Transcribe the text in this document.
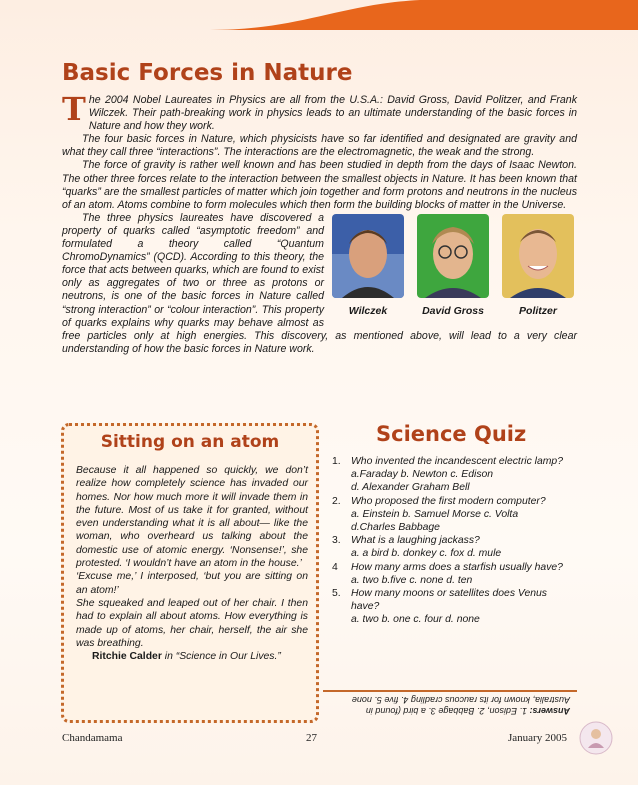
Basic Forces in Nature

The 2004 Nobel Laureates in Physics are all from the U.S.A.: David Gross, David Politzer, and Frank Wilczek. Their path-breaking work in physics leads to an ultimate understanding of the basic forces in Nature and how they work.

The four basic forces in Nature, which physicists have so far identified and designated are gravity and what they call three “interactions”. The interactions are the electromagnetic, the weak and the strong.

The force of gravity is rather well known and has been studied in depth from the days of Isaac Newton. The other three forces relate to the interaction between the smallest objects in Nature. It has been known that “quarks” are the smallest particles of matter which join together and form protons and neutrons in the nucleus of an atom. Atoms combine to form molecules which then form the building blocks of matter in the Universe.

Wilczek	David Gross	Politzer

The three physics laureates have discovered a property of quarks called “asymptotic freedom” and formulated a theory called “Quantum ChromoDynamics” (QCD). According to this theory, the force that acts between quarks, which are found to exist only as aggregates of two or three as protons or neutrons, is one of the basic forces in Nature called “strong interaction” or “colour interaction”. This property of quarks explains why quarks may behave almost as free particles only at high energies. This discovery, as mentioned above, will lead to a very clear understanding of how the basic forces in Nature work.

Sitting on an atom

Because it all happened so quickly, we don’t realize how completely science has invaded our homes. Nor how much more it will invade them in the future. Most of us take it for granted, without even understanding what it is all about— like the woman, who overheard us talking about the domestic use of atomic energy. ‘Nonsense!’, she protested. ‘I wouldn’t have an atom in the house.’

‘Excuse me,’ I interposed, ‘but you are sitting on an atom!’

She squeaked and leaped out of her chair. I then had to explain all about atoms. How everything is made up of atoms, her chair, herself, the air she was breathing.

Ritchie Calder in “Science in Our Lives.”

Science Quiz
1. Who invented the incandescent electric lamp?
a.Faraday b. Newton c. Edison
d. Alexander Graham Bell
2. Who proposed the first modern computer?
a. Einstein b. Samuel Morse c. Volta
d.Charles Babbage
3. What is a laughing jackass?
a. a bird b. donkey c. fox d. mule
4 How many arms does a starfish usually have?
a. two b.five c. none d. ten
5. How many moons or satellites does Venus have?
a. two b. one c. four d. none
Answers: 1. Edison, 2. Babbage 3. a bird (found in Australia, known for its raucous cradling 4. five 5. none
Chandamama	27	January 2005
